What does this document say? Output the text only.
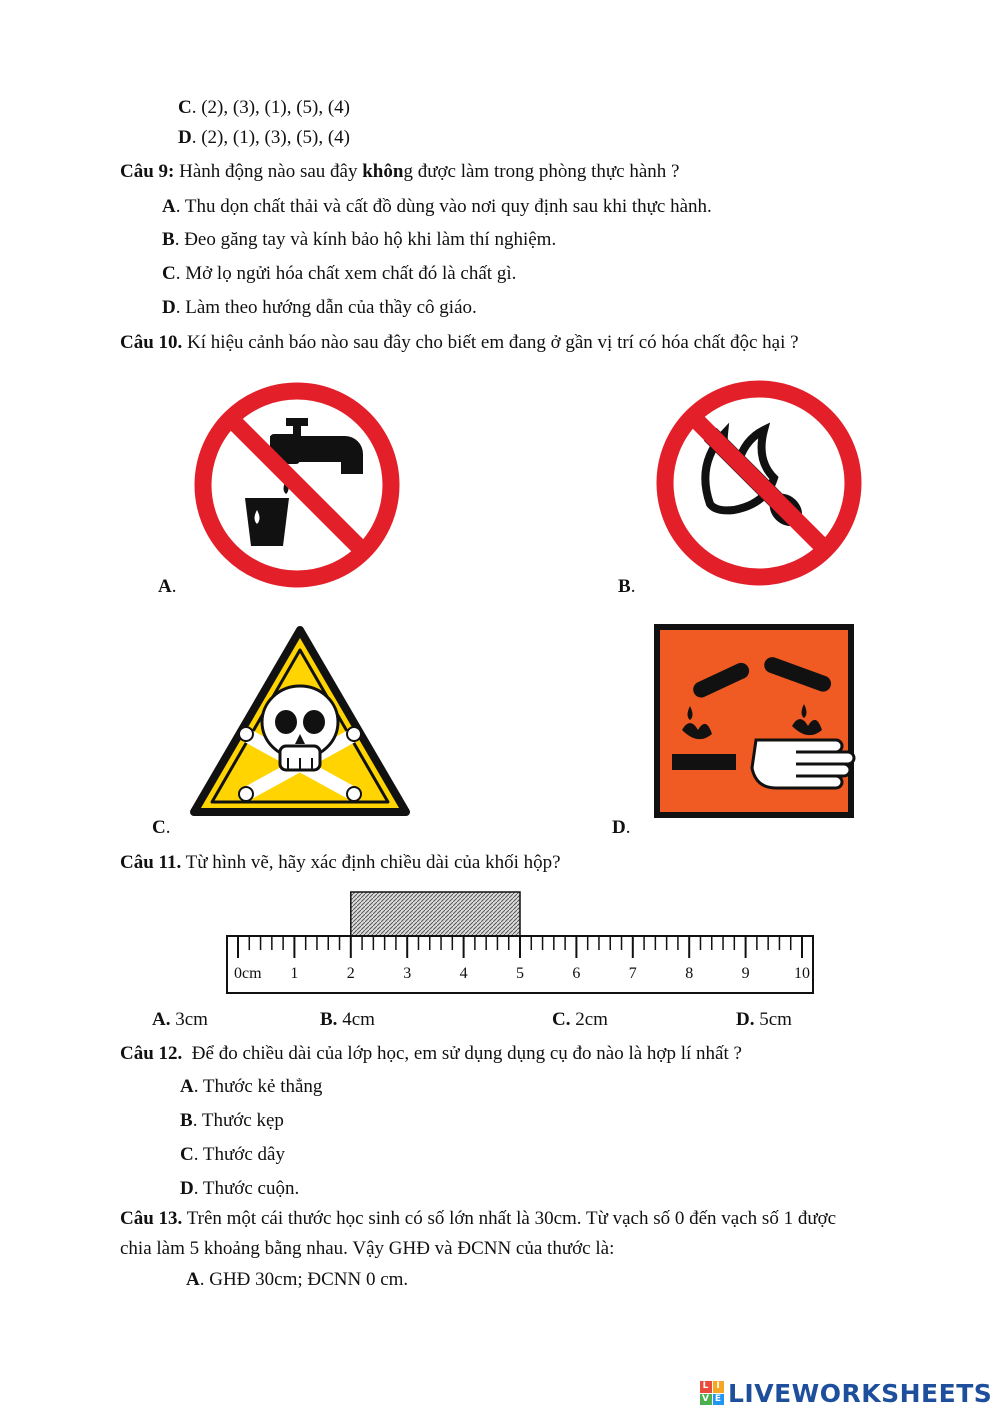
C. (2), (3), (1), (5), (4)
D. (2), (1), (3), (5), (4)
Câu 9: Hành động nào sau đây không được làm trong phòng thực hành ?
A. Thu dọn chất thải và cất đồ dùng vào nơi quy định sau khi thực hành.
B. Đeo găng tay và kính bảo hộ khi làm thí nghiệm.
C. Mở lọ ngửi hóa chất xem chất đó là chất gì.
D. Làm theo hướng dẫn của thầy cô giáo.
Câu 10. Kí hiệu cảnh báo nào sau đây cho biết em đang ở gần vị trí có hóa chất độc hại ?
A.	B.
C.	D.
Câu 11. Từ hình vẽ, hãy xác định chiều dài của khối hộp?
0cm 1	2	3	4	5	6	7	8	9	10
A. 3cm	B. 4cm	C. 2cm	D. 5cm
Câu 12.  Để đo chiều dài của lớp học, em sử dụng dụng cụ đo nào là hợp lí nhất ?
A. Thước kẻ thẳng
B. Thước kẹp
C. Thước dây
D. Thước cuộn.
Câu 13. Trên một cái thước học sinh có số lớn nhất là 30cm. Từ vạch số 0 đến vạch số 1 được
chia làm 5 khoảng bằng nhau. Vậy GHĐ và ĐCNN của thước là:
A. GHĐ 30cm; ĐCNN 0 cm.
L I
V E LIVEWORKSHEETS
